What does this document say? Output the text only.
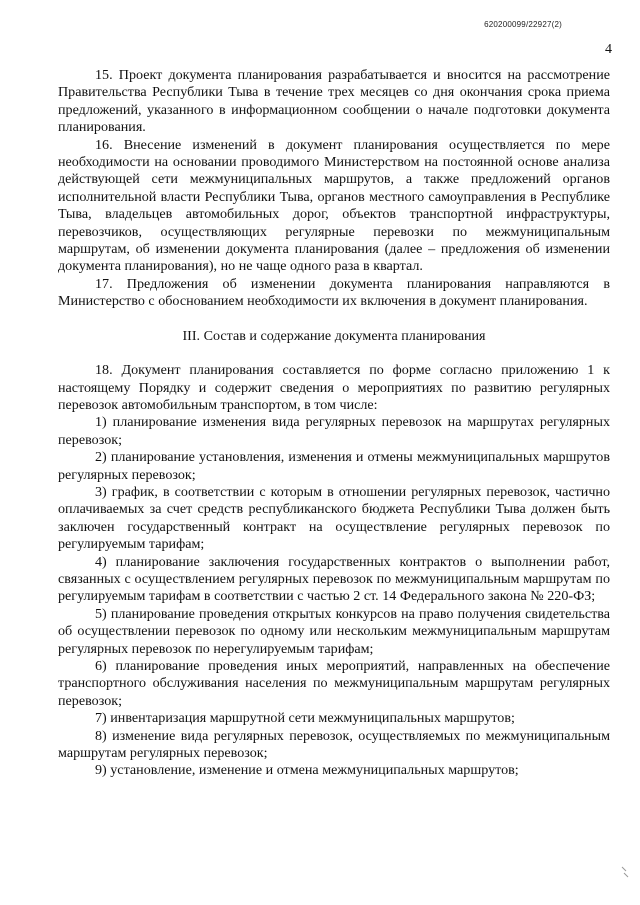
620200099/22927(2)
4

15. Проект документа планирования разрабатывается и вносится на рассмотрение Правительства Республики Тыва в течение трех месяцев со дня окончания срока приема предложений, указанного в информационном сообщении о начале подготовки документа планирования.

16. Внесение изменений в документ планирования осуществляется по мере необходимости на основании проводимого Министерством на постоянной основе анализа действующей сети межмуниципальных маршрутов, а также предложений органов исполнительной власти Республики Тыва, органов местного самоуправления в Республике Тыва, владельцев автомобильных дорог, объектов транспортной инфраструктуры, перевозчиков, осуществляющих регулярные перевозки по межмуниципальным маршрутам, об изменении документа планирования (далее – предложения об изменении документа планирования), но не чаще одного раза в квартал.

17. Предложения об изменении документа планирования направляются в Министерство с обоснованием необходимости их включения в документ планирования.

III. Состав и содержание документа планирования

18. Документ планирования составляется по форме согласно приложению 1 к настоящему Порядку и содержит сведения о мероприятиях по развитию регулярных перевозок автомобильным транспортом, в том числе:

1) планирование изменения вида регулярных перевозок на маршрутах регулярных перевозок;

2) планирование установления, изменения и отмены межмуниципальных маршрутов регулярных перевозок;

3) график, в соответствии с которым в отношении регулярных перевозок, частично оплачиваемых за счет средств республиканского бюджета Республики Тыва должен быть заключен государственный контракт на осуществление регулярных перевозок по регулируемым тарифам;

4) планирование заключения государственных контрактов о выполнении работ, связанных с осуществлением регулярных перевозок по межмуниципальным маршрутам по регулируемым тарифам в соответствии с частью 2 ст. 14 Федерального закона № 220-ФЗ;

5) планирование проведения открытых конкурсов на право получения свидетельства об осуществлении перевозок по одному или нескольким межмуниципальным маршрутам регулярных перевозок по нерегулируемым тарифам;

6) планирование проведения иных мероприятий, направленных на обеспечение транспортного обслуживания населения по межмуниципальным маршрутам регулярных перевозок;

7) инвентаризация маршрутной сети межмуниципальных маршрутов;

8) изменение вида регулярных перевозок, осуществляемых по межмуниципальным маршрутам регулярных перевозок;

9) установление, изменение и отмена межмуниципальных маршрутов;
